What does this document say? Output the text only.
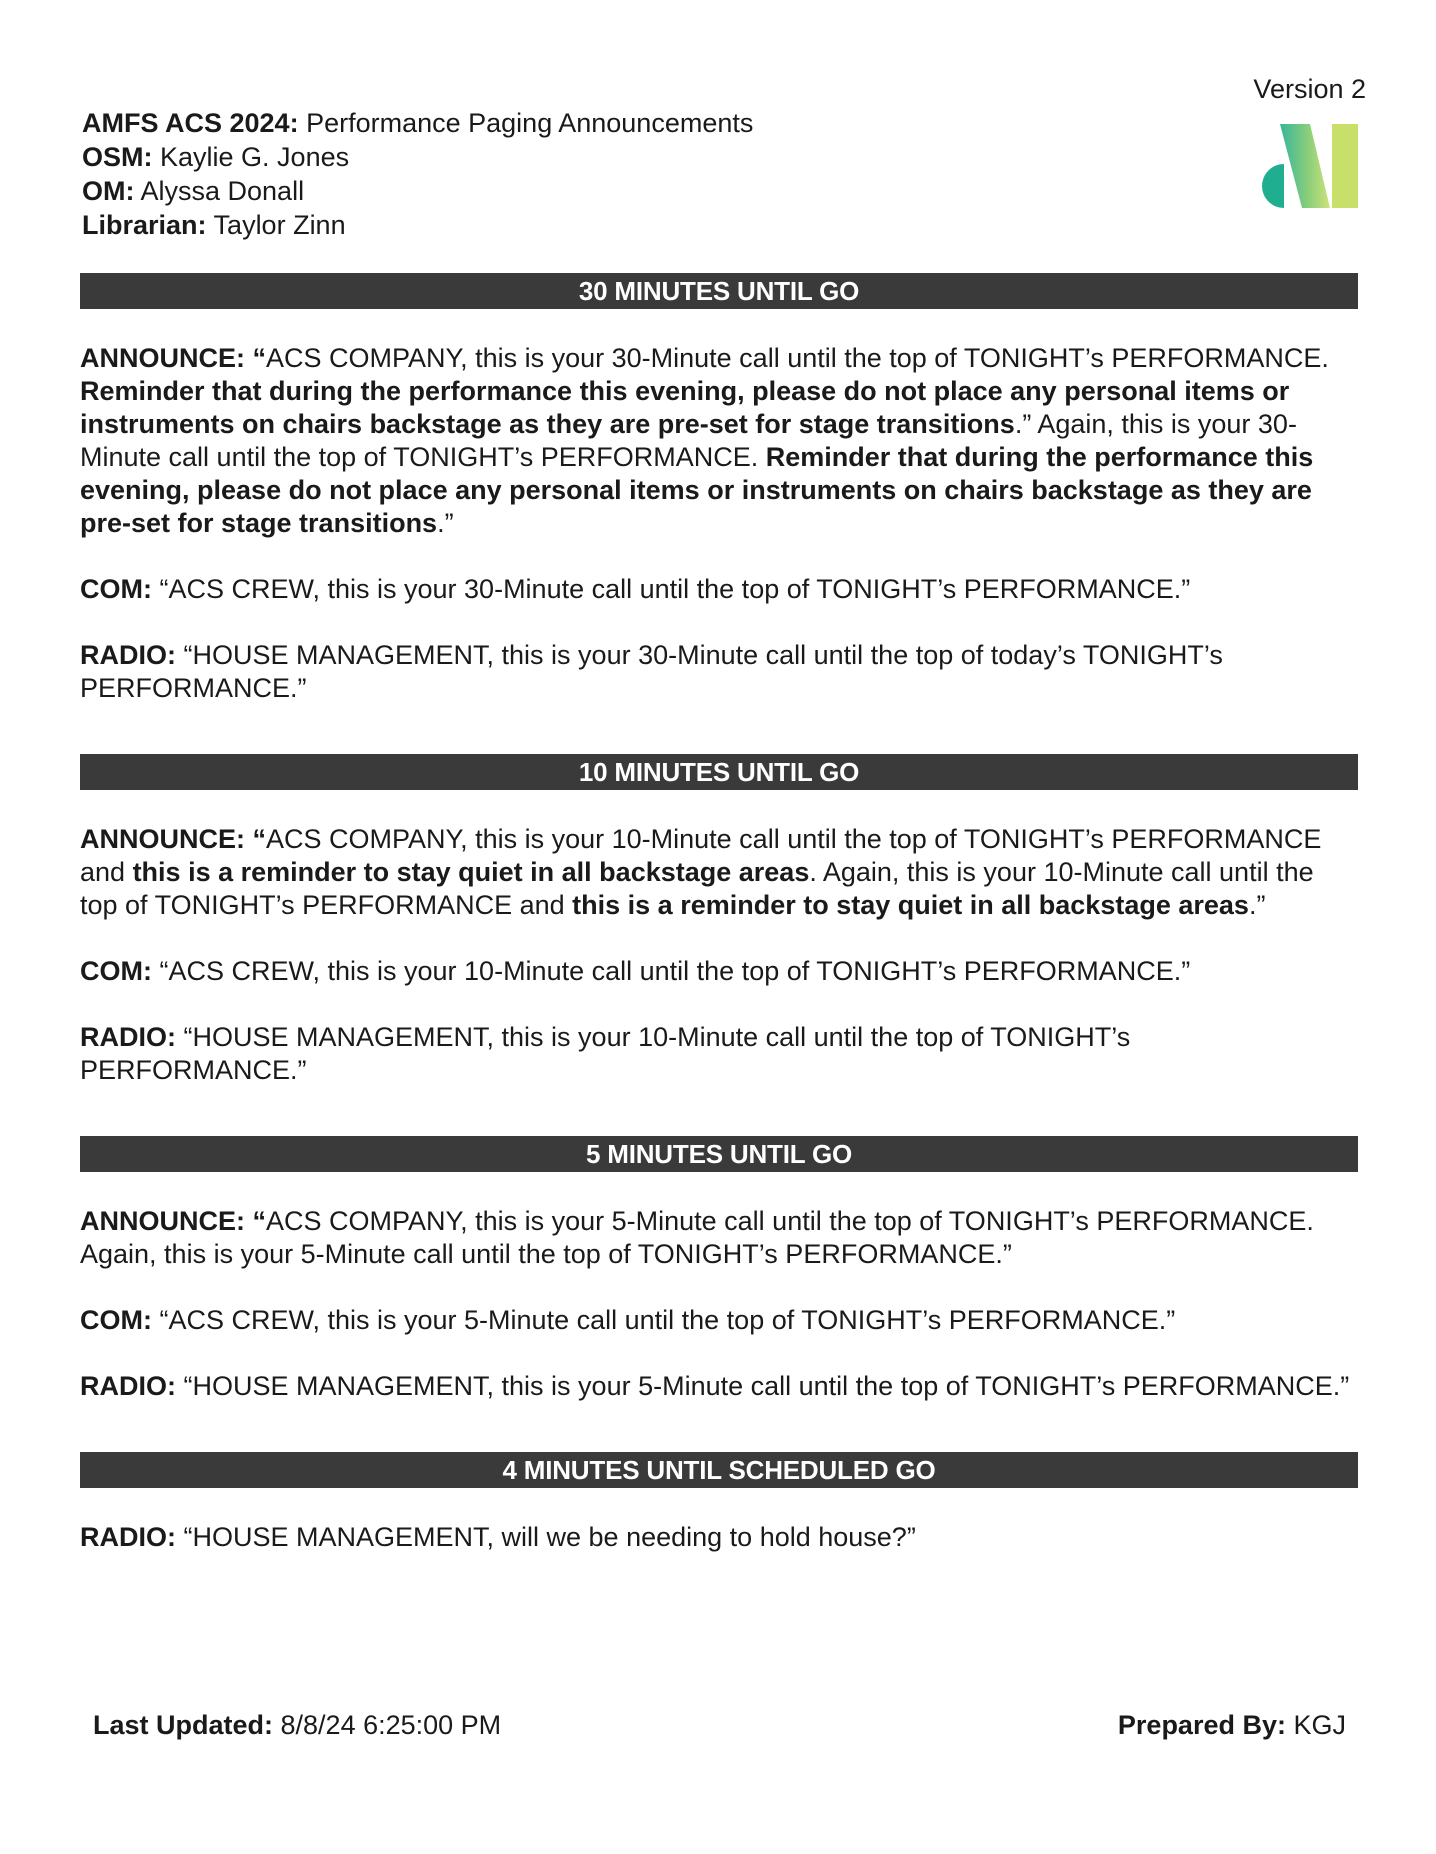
Version 2
AMFS ACS 2024: Performance Paging Announcements
OSM: Kaylie G. Jones
OM: Alyssa Donall
Librarian: Taylor Zinn
30 MINUTES UNTIL GO

ANNOUNCE: “ACS COMPANY, this is your 30-Minute call until the top of TONIGHT’s PERFORMANCE. Reminder that during the performance this evening, please do not place any personal items or instruments on chairs backstage as they are pre-set for stage transitions.” Again, this is your 30-Minute call until the top of TONIGHT’s PERFORMANCE. Reminder that during the performance this evening, please do not place any personal items or instruments on chairs backstage as they are pre-set for stage transitions.”

COM: “ACS CREW, this is your 30-Minute call until the top of TONIGHT’s PERFORMANCE.”

RADIO: “HOUSE MANAGEMENT, this is your 30-Minute call until the top of today’s TONIGHT’s PERFORMANCE.”

10 MINUTES UNTIL GO

ANNOUNCE: “ACS COMPANY, this is your 10-Minute call until the top of TONIGHT’s PERFORMANCE and this is a reminder to stay quiet in all backstage areas. Again, this is your 10-Minute call until the top of TONIGHT’s PERFORMANCE and this is a reminder to stay quiet in all backstage areas.”

COM: “ACS CREW, this is your 10-Minute call until the top of TONIGHT’s PERFORMANCE.”

RADIO: “HOUSE MANAGEMENT, this is your 10-Minute call until the top of TONIGHT’s PERFORMANCE.”

5 MINUTES UNTIL GO

ANNOUNCE: “ACS COMPANY, this is your 5-Minute call until the top of TONIGHT’s PERFORMANCE. Again, this is your 5-Minute call until the top of TONIGHT’s PERFORMANCE.”

COM: “ACS CREW, this is your 5-Minute call until the top of TONIGHT’s PERFORMANCE.”

RADIO: “HOUSE MANAGEMENT, this is your 5-Minute call until the top of TONIGHT’s PERFORMANCE.”

4 MINUTES UNTIL SCHEDULED GO

RADIO: “HOUSE MANAGEMENT, will we be needing to hold house?”

Last Updated: 8/8/24 6:25:00 PM	Prepared By: KGJ
